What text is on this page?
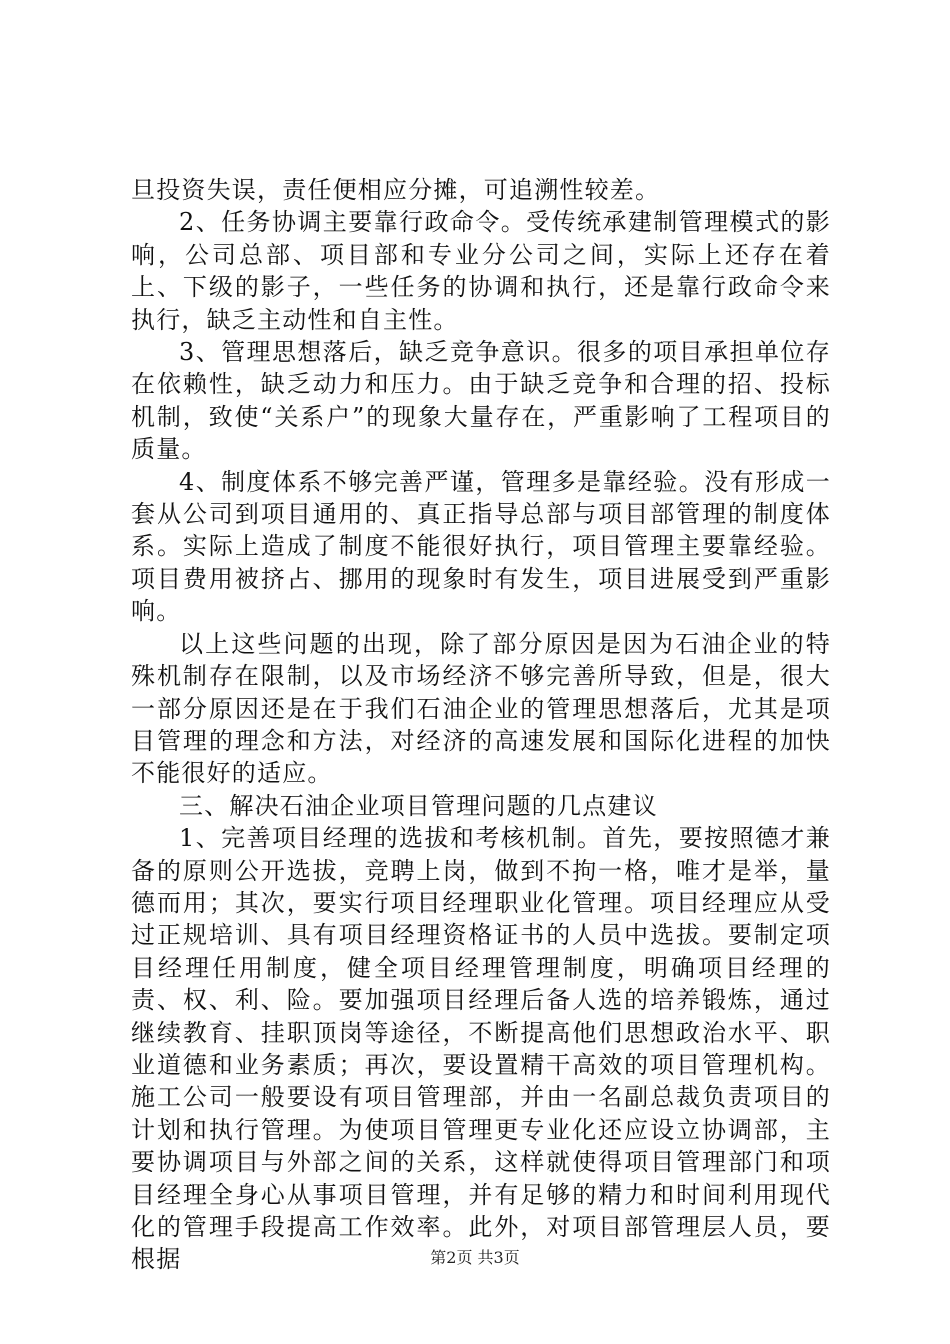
旦投资失误，责任便相应分摊，可追溯性较差。

2、任务协调主要靠行政命令。受传统承建制管理模式的影响，公司总部、项目部和专业分公司之间，实际上还存在着上、下级的影子，一些任务的协调和执行，还是靠行政命令来执行，缺乏主动性和自主性。

3、管理思想落后，缺乏竞争意识。很多的项目承担单位存在依赖性，缺乏动力和压力。由于缺乏竞争和合理的招、投标机制，致使“关系户”的现象大量存在，严重影响了工程项目的质量。

4、制度体系不够完善严谨，管理多是靠经验。没有形成一套从公司到项目通用的、真正指导总部与项目部管理的制度体系。实际上造成了制度不能很好执行，项目管理主要靠经验。项目费用被挤占、挪用的现象时有发生，项目进展受到严重影响。

以上这些问题的出现，除了部分原因是因为石油企业的特殊机制存在限制，以及市场经济不够完善所导致，但是，很大一部分原因还是在于我们石油企业的管理思想落后，尤其是项目管理的理念和方法，对经济的高速发展和国际化进程的加快不能很好的适应。

三、解决石油企业项目管理问题的几点建议

1、完善项目经理的选拔和考核机制。首先，要按照德才兼备的原则公开选拔，竞聘上岗，做到不拘一格，唯才是举，量德而用；其次，要实行项目经理职业化管理。项目经理应从受过正规培训、具有项目经理资格证书的人员中选拔。要制定项目经理任用制度，健全项目经理管理制度，明确项目经理的责、权、利、险。要加强项目经理后备人选的培养锻炼，通过继续教育、挂职顶岗等途径，不断提高他们思想政治水平、职业道德和业务素质；再次，要设置精干高效的项目管理机构。施工公司一般要设有项目管理部，并由一名副总裁负责项目的计划和执行管理。为使项目管理更专业化还应设立协调部，主要协调项目与外部之间的关系，这样就使得项目管理部门和项目经理全身心从事项目管理，并有足够的精力和时间利用现代化的管理手段提高工作效率。此外，对项目部管理层人员，要根据	第2页 共3页
